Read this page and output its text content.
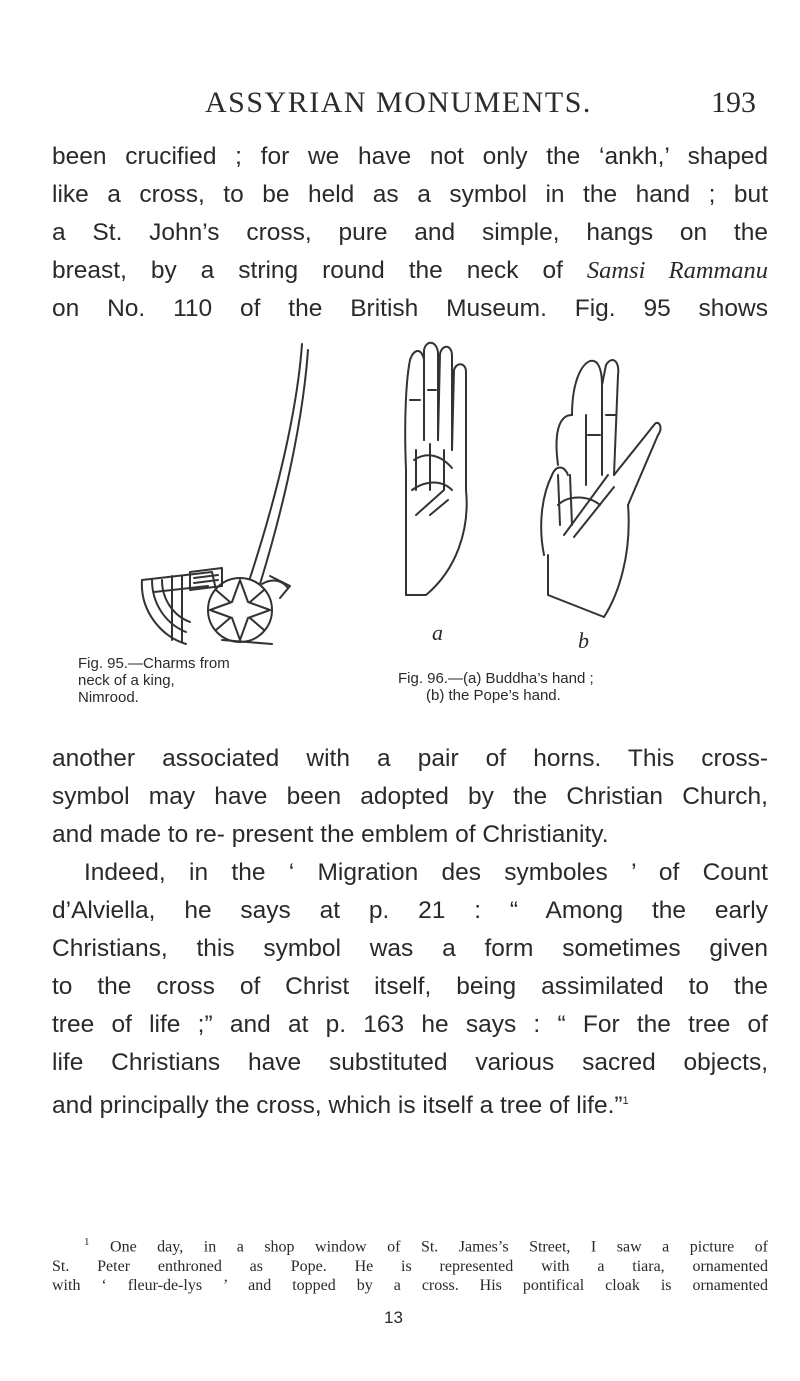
ASSYRIAN MONUMENTS.	193
been crucified ; for we have not only the ‘ankh,’ shaped
like a cross, to be held as a symbol in the hand ; but
a St. John’s cross, pure and simple, hangs on the
breast, by a string round the neck of Samsi Rammanu
on No. 110 of the British Museum. Fig. 95 shows
a	b
Fig. 95.—Charms from
neck of a king,
Nimrood.
Fig. 96.—(a) Buddha’s hand ;
(b) the Pope’s hand.
another associated with a pair of horns. This cross-
symbol may have been adopted by the Christian Church,
and made to re- present the emblem of Christianity.
Indeed, in the ‘ Migration des symboles ’ of Count
d’Alviella, he says at p. 21 : “ Among the early
Christians, this symbol was a form sometimes given
to the cross of Christ itself, being assimilated to the
tree of life ;” and at p. 163 he says : “ For the tree of
life Christians have substituted various sacred objects,
and principally the cross, which is itself a tree of life.”$^1$
$^1$ One day, in a shop window of St. James’s Street, I saw a picture of
St. Peter enthroned as Pope. He is represented with a tiara, ornamented
with ‘ fleur-de-lys ’ and topped by a cross. His pontifical cloak is ornamented
13
